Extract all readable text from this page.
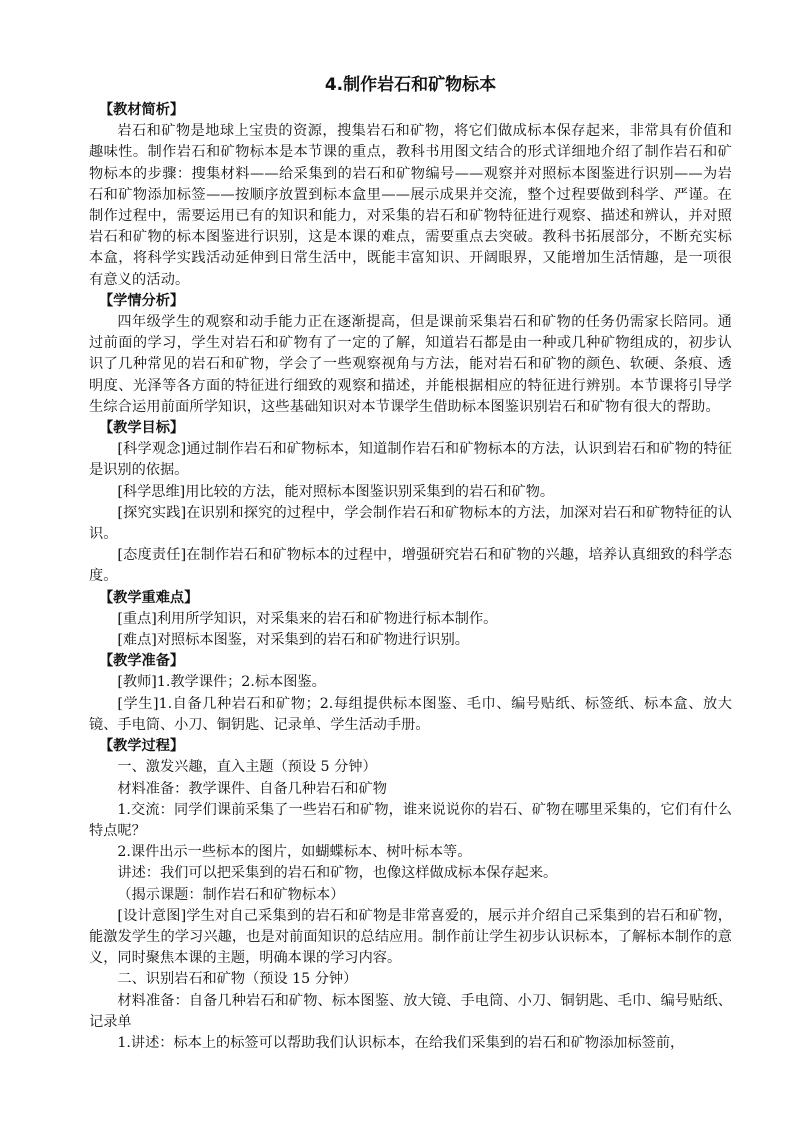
4.制作岩石和矿物标本

【教材简析】

岩石和矿物是地球上宝贵的资源，搜集岩石和矿物，将它们做成标本保存起来，非常具有价值和趣味性。制作岩石和矿物标本是本节课的重点，教科书用图文结合的形式详细地介绍了制作岩石和矿物标本的步骤：搜集材料——给采集到的岩石和矿物编号——观察并对照标本图鉴进行识别——为岩石和矿物添加标签——按顺序放置到标本盒里——展示成果并交流，整个过程要做到科学、严谨。在制作过程中，需要运用已有的知识和能力，对采集的岩石和矿物特征进行观察、描述和辨认，并对照岩石和矿物的标本图鉴进行识别，这是本课的难点，需要重点去突破。教科书拓展部分，不断充实标本盒，将科学实践活动延伸到日常生活中，既能丰富知识、开阔眼界，又能增加生活情趣，是一项很有意义的活动。

【学情分析】

四年级学生的观察和动手能力正在逐渐提高，但是课前采集岩石和矿物的任务仍需家长陪同。通过前面的学习，学生对岩石和矿物有了一定的了解，知道岩石都是由一种或几种矿物组成的，初步认识了几种常见的岩石和矿物，学会了一些观察视角与方法，能对岩石和矿物的颜色、软硬、条痕、透明度、光泽等各方面的特征进行细致的观察和描述，并能根据相应的特征进行辨别。本节课将引导学生综合运用前面所学知识，这些基础知识对本节课学生借助标本图鉴识别岩石和矿物有很大的帮助。

【教学目标】

[科学观念]通过制作岩石和矿物标本，知道制作岩石和矿物标本的方法，认识到岩石和矿物的特征是识别的依据。

[科学思维]用比较的方法，能对照标本图鉴识别采集到的岩石和矿物。

[探究实践]在识别和探究的过程中，学会制作岩石和矿物标本的方法，加深对岩石和矿物特征的认识。

[态度责任]在制作岩石和矿物标本的过程中，增强研究岩石和矿物的兴趣，培养认真细致的科学态度。

【教学重难点】

[重点]利用所学知识，对采集来的岩石和矿物进行标本制作。

[难点]对照标本图鉴，对采集到的岩石和矿物进行识别。

【教学准备】

[教师]1.教学课件；2.标本图鉴。

[学生]1.自备几种岩石和矿物；2.每组提供标本图鉴、毛巾、编号贴纸、标签纸、标本盒、放大镜、手电筒、小刀、铜钥匙、记录单、学生活动手册。

【教学过程】

一、激发兴趣，直入主题（预设 5 分钟）

材料准备：教学课件、自备几种岩石和矿物

1.交流：同学们课前采集了一些岩石和矿物，谁来说说你的岩石、矿物在哪里采集的，它们有什么特点呢？

2.课件出示一些标本的图片，如蝴蝶标本、树叶标本等。

讲述：我们可以把采集到的岩石和矿物，也像这样做成标本保存起来。

（揭示课题：制作岩石和矿物标本）

[设计意图]学生对自己采集到的岩石和矿物是非常喜爱的，展示并介绍自己采集到的岩石和矿物，能激发学生的学习兴趣，也是对前面知识的总结应用。制作前让学生初步认识标本，了解标本制作的意义，同时聚焦本课的主题，明确本课的学习内容。

二、识别岩石和矿物（预设 15 分钟）

材料准备：自备几种岩石和矿物、标本图鉴、放大镜、手电筒、小刀、铜钥匙、毛巾、编号贴纸、记录单

1.讲述：标本上的标签可以帮助我们认识标本，在给我们采集到的岩石和矿物添加标签前，
